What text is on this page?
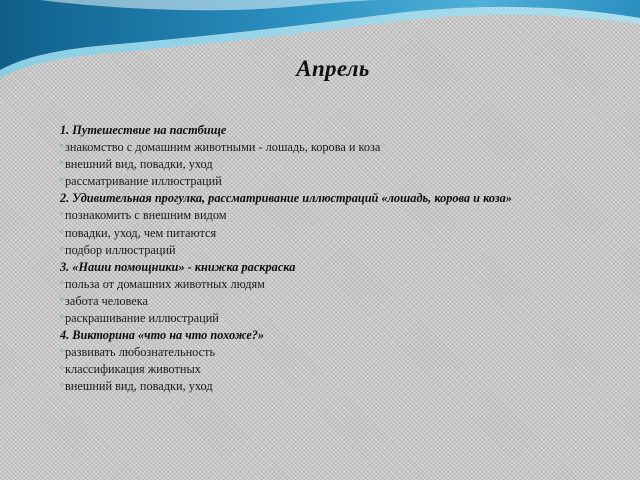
Апрель
1. Путешествие на пастбище
▫ знакомство с домашним животными - лошадь, корова и коза
▫ внешний вид, повадки, уход
▫ рассматривание иллюстраций
2. Удивительная прогулка, рассматривание иллюстраций «лошадь, корова и коза»
▫ познакомить с внешним видом
▫ повадки, уход, чем питаются
▫ подбор иллюстраций
3. «Наши помощники» - книжка раскраска
▫ польза от домашних животных людям
▫ забота человека
▫ раскрашивание иллюстраций
4. Викторина «что на что похоже?»
▫ развивать любознательность
▫ классификация животных
▫ внешний вид, повадки, уход
